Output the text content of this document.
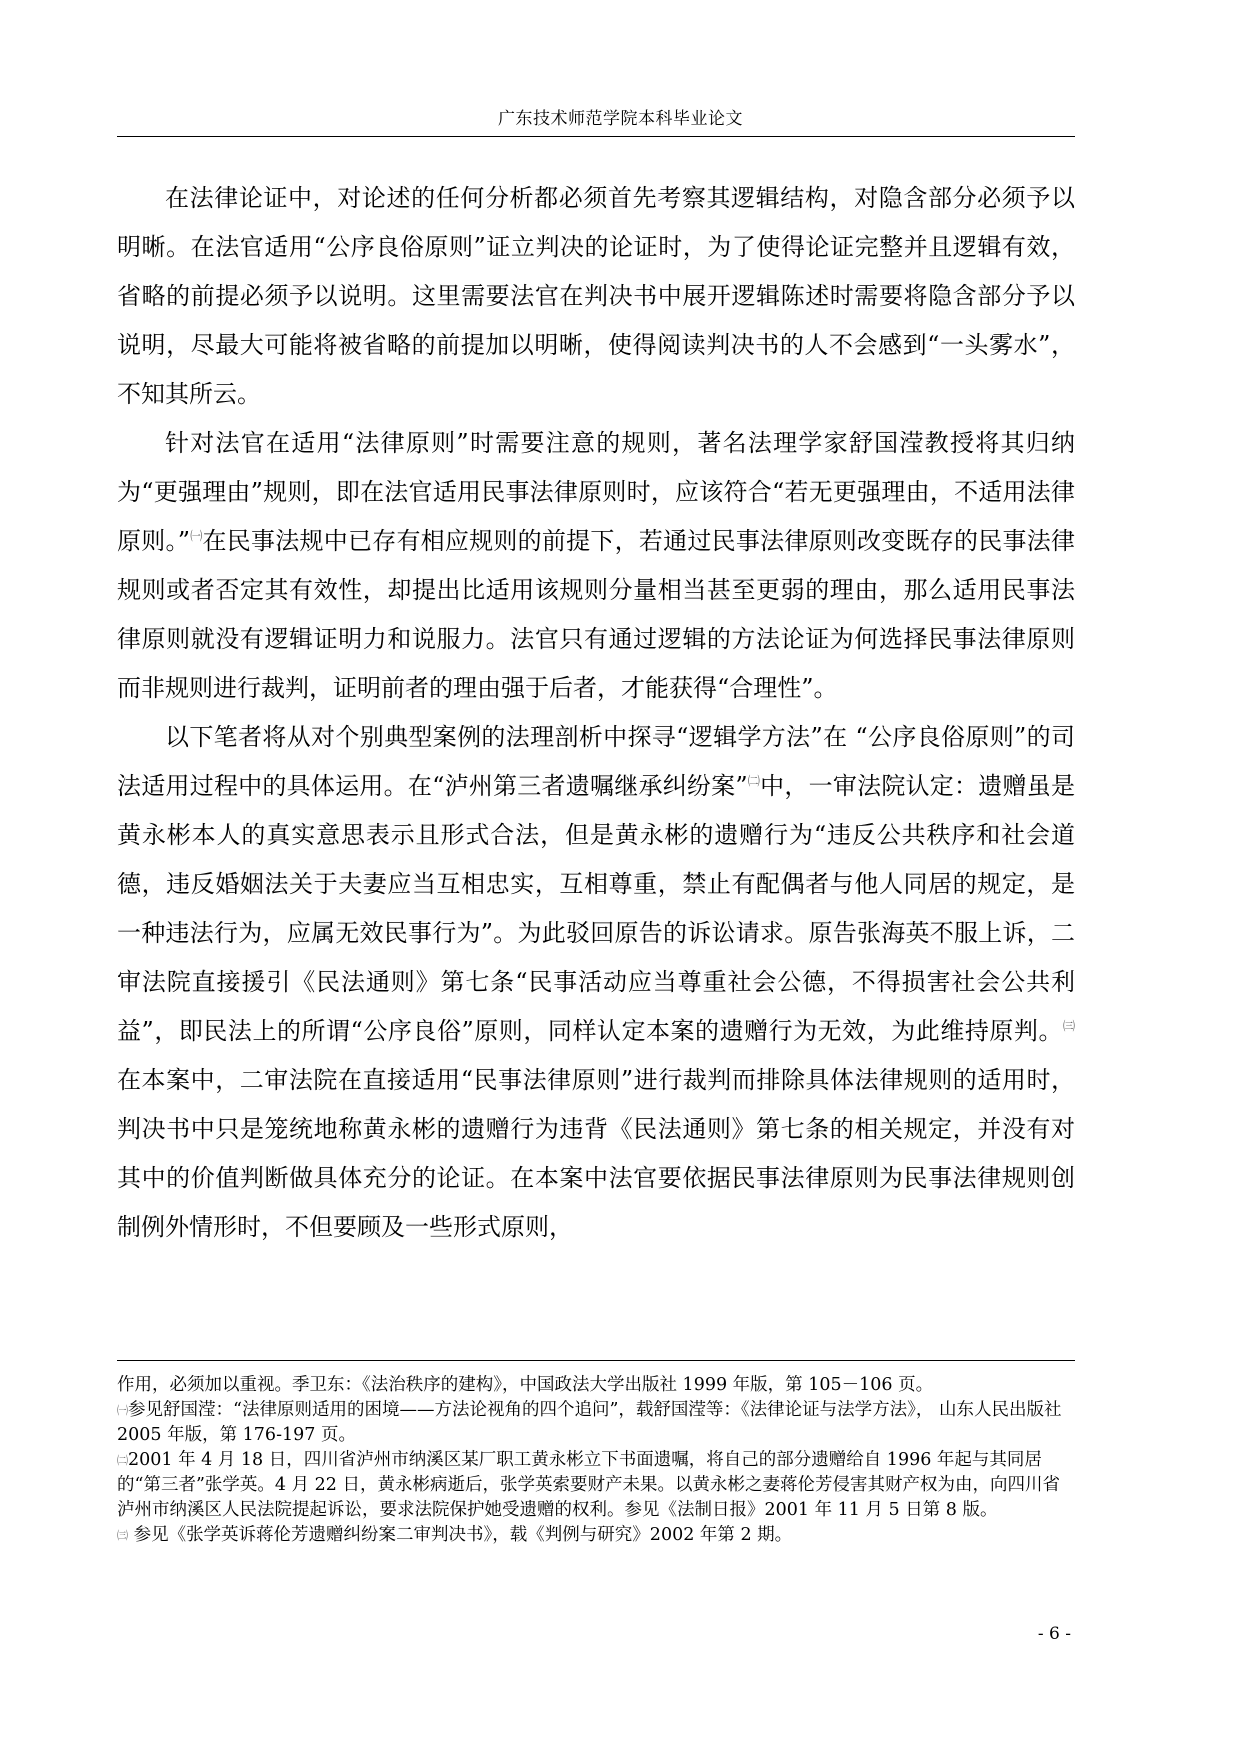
广东技术师范学院本科毕业论文

在法律论证中，对论述的任何分析都必须首先考察其逻辑结构，对隐含部分必须予以明晰。在法官适用“公序良俗原则”证立判决的论证时，为了使得论证完整并且逻辑有效，省略的前提必须予以说明。这里需要法官在判决书中展开逻辑陈述时需要将隐含部分予以说明，尽最大可能将被省略的前提加以明晰，使得阅读判决书的人不会感到“一头雾水”，不知其所云。

针对法官在适用“法律原则”时需要注意的规则，著名法理学家舒国滢教授将其归纳为“更强理由”规则，即在法官适用民事法律原则时，应该符合“若无更强理由，不适用法律原则。”$^㈠$在民事法规中已存有相应规则的前提下，若通过民事法律原则改变既存的民事法律规则或者否定其有效性，却提出比适用该规则分量相当甚至更弱的理由，那么适用民事法律原则就没有逻辑证明力和说服力。法官只有通过逻辑的方法论证为何选择民事法律原则而非规则进行裁判，证明前者的理由强于后者，才能获得“合理性”。

以下笔者将从对个别典型案例的法理剖析中探寻“逻辑学方法”在 “公序良俗原则”的司法适用过程中的具体运用。在“泸州第三者遗嘱继承纠纷案”$^㈡$中，一审法院认定：遗赠虽是黄永彬本人的真实意思表示且形式合法，但是黄永彬的遗赠行为“违反公共秩序和社会道德，违反婚姻法关于夫妻应当互相忠实，互相尊重，禁止有配偶者与他人同居的规定，是一种违法行为，应属无效民事行为”。为此驳回原告的诉讼请求。原告张海英不服上诉，二审法院直接援引《民法通则》第七条“民事活动应当尊重社会公德，不得损害社会公共利益”，即民法上的所谓“公序良俗”原则，同样认定本案的遗赠行为无效，为此维持原判。$^㈢$在本案中，二审法院在直接适用“民事法律原则”进行裁判而排除具体法律规则的适用时，判决书中只是笼统地称黄永彬的遗赠行为违背《民法通则》第七条的相关规定，并没有对其中的价值判断做具体充分的论证。在本案中法官要依据民事法律原则为民事法律规则创制例外情形时，不但要顾及一些形式原则，

作用，必须加以重视。季卫东：《法治秩序的建构》，中国政法大学出版社 1999 年版，第 105－106 页。

$^㈠$参见舒国滢：“法律原则适用的困境——方法论视角的四个追问”，载舒国滢等：《法律论证与法学方法》， 山东人民出版社 2005 年版，第 176-197 页。

$^㈡$2001 年 4 月 18 日，四川省泸州市纳溪区某厂职工黄永彬立下书面遗嘱，将自己的部分遗赠给自 1996 年起与其同居的“第三者”张学英。4 月 22 日，黄永彬病逝后，张学英索要财产未果。以黄永彬之妻蒋伦芳侵害其财产权为由，向四川省泸州市纳溪区人民法院提起诉讼，要求法院保护她受遗赠的权利。参见《法制日报》2001 年 11 月 5 日第 8 版。

$^㈢$ 参见《张学英诉蒋伦芳遗赠纠纷案二审判决书》，载《判例与研究》2002 年第 2 期。

- 6 -
